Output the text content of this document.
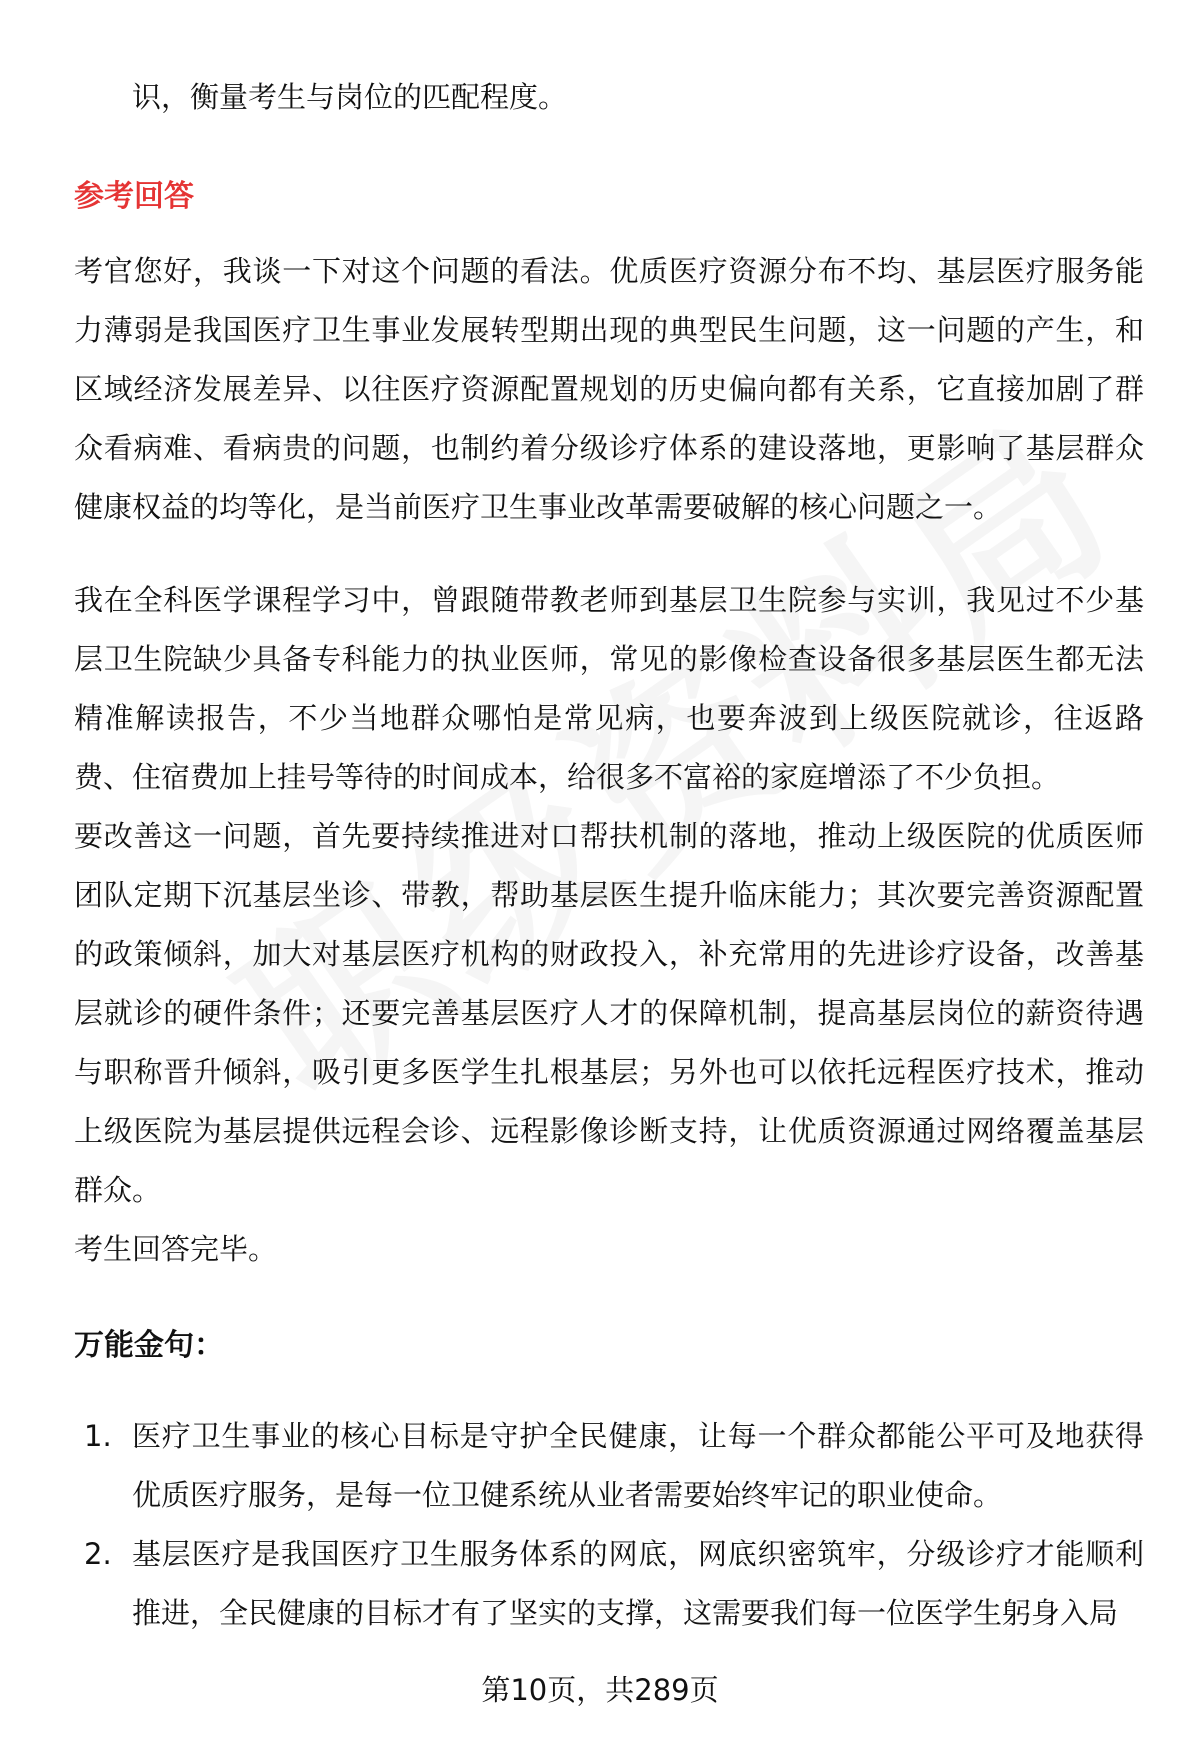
识，衡量考生与岗位的匹配程度。
参考回答

考官您好，我谈一下对这个问题的看法。优质医疗资源分布不均、基层医疗服务能力薄弱是我国医疗卫生事业发展转型期出现的典型民生问题，这一问题的产生，和区域经济发展差异、以往医疗资源配置规划的历史偏向都有关系，它直接加剧了群众看病难、看病贵的问题，也制约着分级诊疗体系的建设落地，更影响了基层群众健康权益的均等化，是当前医疗卫生事业改革需要破解的核心问题之一。

我在全科医学课程学习中，曾跟随带教老师到基层卫生院参与实训，我见过不少基层卫生院缺少具备专科能力的执业医师，常见的影像检查设备很多基层医生都无法精准解读报告，不少当地群众哪怕是常见病，也要奔波到上级医院就诊，往返路费、住宿费加上挂号等待的时间成本，给很多不富裕的家庭增添了不少负担。

要改善这一问题，首先要持续推进对口帮扶机制的落地，推动上级医院的优质医师团队定期下沉基层坐诊、带教，帮助基层医生提升临床能力；其次要完善资源配置的政策倾斜，加大对基层医疗机构的财政投入，补充常用的先进诊疗设备，改善基层就诊的硬件条件；还要完善基层医疗人才的保障机制，提高基层岗位的薪资待遇与职称晋升倾斜，吸引更多医学生扎根基层；另外也可以依托远程医疗技术，推动上级医院为基层提供远程会诊、远程影像诊断支持，让优质资源通过网络覆盖基层群众。

考生回答完毕。

万能金句：
1. 医疗卫生事业的核心目标是守护全民健康，让每一个群众都能公平可及地获得优质医疗服务，是每一位卫健系统从业者需要始终牢记的职业使命。
2. 基层医疗是我国医疗卫生服务体系的网底，网底织密筑牢，分级诊疗才能顺利推进，全民健康的目标才有了坚实的支撑，这需要我们每一位医学生躬身入局
第10页，共289页
